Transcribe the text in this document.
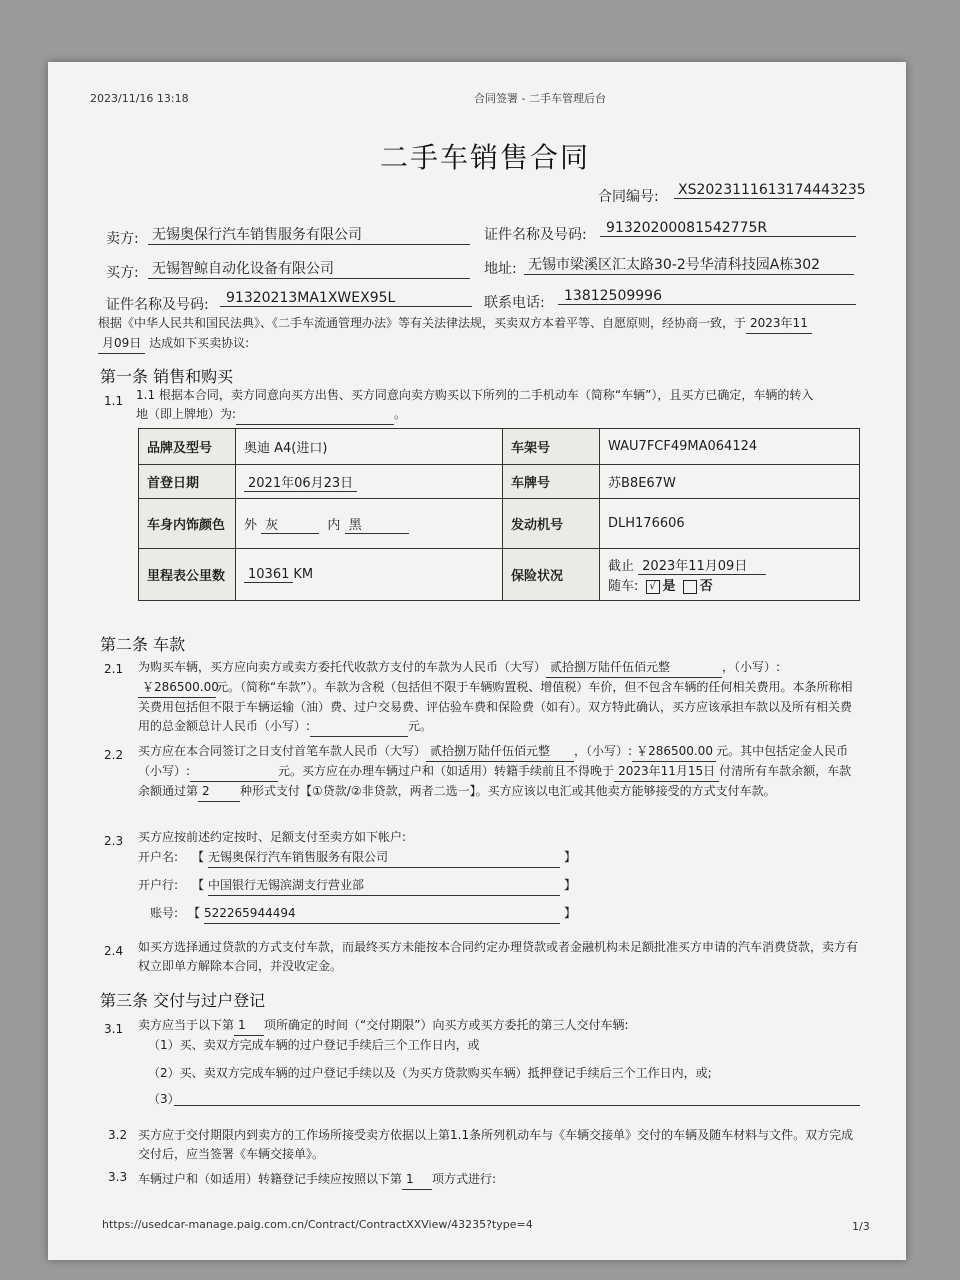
2023/11/16 13:18	合同签署 - 二手车管理后台
二手车销售合同
合同编号: XS2023111613174443235
卖方: 无锡奥保行汽车销售服务有限公司	证件名称及号码:	91320200081542775R
买方: 无锡智鲸自动化设备有限公司	地址: 无锡市梁溪区汇太路30-2号华清科技园A栋302
证件名称及号码:	91320213MA1XWEX95L	联系电话:	13812509996
根据《中华人民共和国民法典》、《二手车流通管理办法》等有关法律法规，买卖双方本着平等、自愿原则，经协商一致，于 2023年11
月09日 达成如下买卖协议:
第一条 销售和购买
1.1 1.1 根据本合同，卖方同意向买方出售、买方同意向卖方购买以下所列的二手机动车（简称“车辆”），且买方已确定，车辆的转入
地（即上牌地）为:	。
品牌及型号	奥迪 A4(进口)	车架号	WAU7FCF49MA064124
首登日期	2021年06月23日	车牌号	苏B8E67W
车身内饰颜色	外 灰 内 黑	发动机号	DLH176606
里程表公里数	10361 KM	保险状况	截止 2023年11月09日
随车: √ 是 否
第二条 车款
2.1 为购买车辆，买方应向卖方或卖方委托代收款方支付的车款为人民币（大写） 贰拾捌万陆仟伍佰元整	，（小写）:
￥286500.00元。（简称“车款”）。车款为含税（包括但不限于车辆购置税、增值税）车价，但不包含车辆的任何相关费用。本条所称相关费用包括但不限于车辆运输（油）费、过户交易费、评估验车费和保险费（如有）。双方特此确认，买方应该承担车款以及所有相关费用的总金额总计人民币（小写）:	元。
2.2 买方应在本合同签订之日支付首笔车款人民币（大写） 贰拾捌万陆仟伍佰元整 ，（小写）: ￥286500.00 元。其中包括定金人民币（小写）:	元。买方应在办理车辆过户和（如适用）转籍手续前且不得晚于 2023年11月15日 付清所有车款余额，车款余额通过第 2	种形式支付【①贷款/②非贷款，两者二选一】。买方应该以电汇或其他卖方能够接受的方式支付车款。
2.3 买方应按前述约定按时、足额支付至卖方如下帐户:
开户名: 【 无锡奥保行汽车销售服务有限公司	】
开户行: 【 中国银行无锡滨湖支行营业部	】
账号: 【 522265944494	】
2.4 如买方选择通过贷款的方式支付车款，而最终买方未能按本合同约定办理贷款或者金融机构未足额批准买方申请的汽车消费贷款，卖方有权立即单方解除本合同，并没收定金。
第三条 交付与过户登记
3.1 卖方应当于以下第 1 项所确定的时间（“交付期限”）向买方或买方委托的第三人交付车辆:
（1）买、卖双方完成车辆的过户登记手续后三个工作日内，或
（2）买、卖双方完成车辆的过户登记手续以及（为买方贷款购买车辆）抵押登记手续后三个工作日内，或;
（3）
3.2 买方应于交付期限内到卖方的工作场所接受卖方依据以上第1.1条所列机动车与《车辆交接单》交付的车辆及随车材料与文件。双方完成交付后，应当签署《车辆交接单》。
3.3 车辆过户和（如适用）转籍登记手续应按照以下第 1 项方式进行:
https://usedcar-manage.paig.com.cn/Contract/ContractXXView/43235?type=4	1/3
